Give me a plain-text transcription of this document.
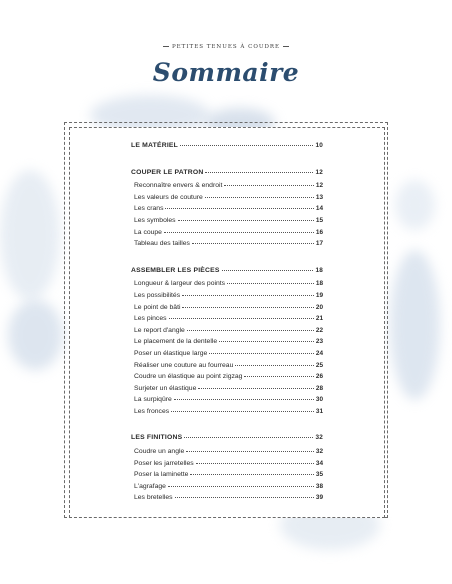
PETITES TENUES À COUDRE
Sommaire
LE MATÉRIEL	10
COUPER LE PATRON	12
Reconnaître envers & endroit	12
Les valeurs de couture	13
Les crans	14
Les symboles	15
La coupe	16
Tableau des tailles	17
ASSEMBLER LES PIÈCES	18
Longueur & largeur des points	18
Les possibilités	19
Le point de bâti	20
Les pinces	21
Le report d'angle	22
Le placement de la dentelle	23
Poser un élastique large	24
Réaliser une couture au fourreau	25
Coudre un élastique au point zigzag	26
Surjeter un élastique	28
La surpiqûre	30
Les fronces	31
LES FINITIONS	32
Coudre un angle	32
Poser les jarretelles	34
Poser la laminette	35
L'agrafage	38
Les bretelles	39
